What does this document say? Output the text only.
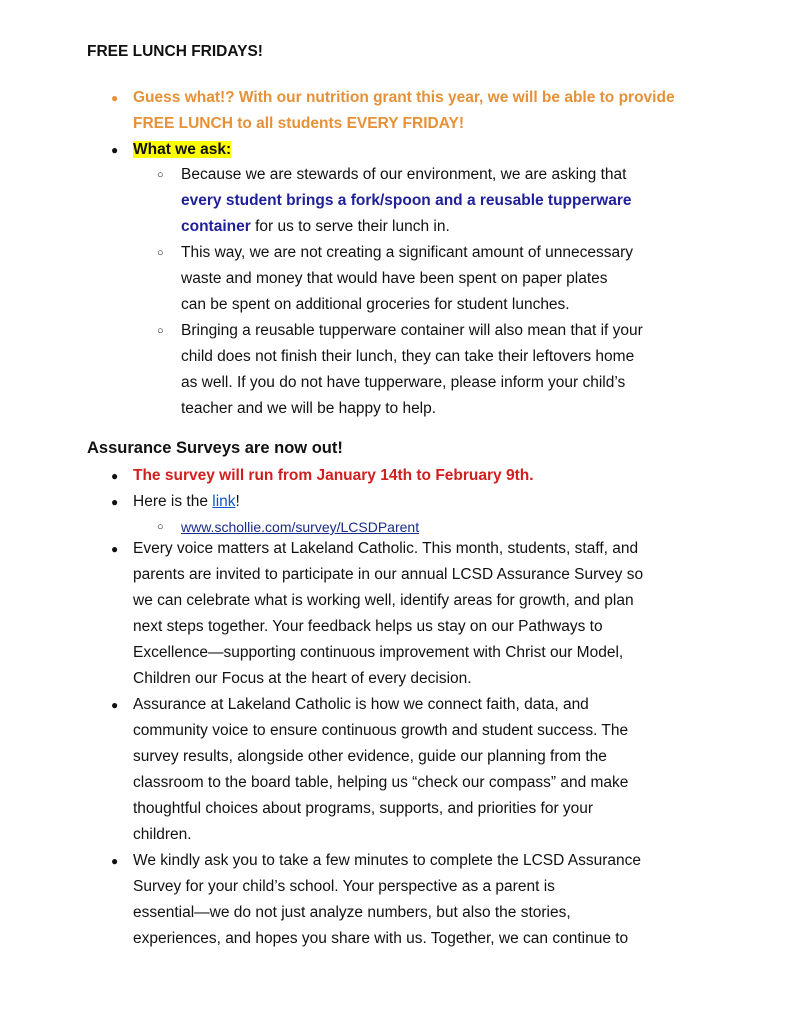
FREE LUNCH FRIDAYS!
● Guess what!? With our nutrition grant this year, we will be able to provide
FREE LUNCH to all students EVERY FRIDAY!
● What we ask:
○ Because we are stewards of our environment, we are asking that
every student brings a fork/spoon and a reusable tupperware
container for us to serve their lunch in.
○ This way, we are not creating a significant amount of unnecessary
waste and money that would have been spent on paper plates
can be spent on additional groceries for student lunches.
○ Bringing a reusable tupperware container will also mean that if your
child does not finish their lunch, they can take their leftovers home
as well. If you do not have tupperware, please inform your child’s
teacher and we will be happy to help.
Assurance Surveys are now out!
● The survey will run from January 14th to February 9th.
● Here is the link!
○ www.schollie.com/survey/LCSDParent
● Every voice matters at Lakeland Catholic. This month, students, staff, and
parents are invited to participate in our annual LCSD Assurance Survey so
we can celebrate what is working well, identify areas for growth, and plan
next steps together. Your feedback helps us stay on our Pathways to
Excellence—supporting continuous improvement with Christ our Model,
Children our Focus at the heart of every decision.
● Assurance at Lakeland Catholic is how we connect faith, data, and
community voice to ensure continuous growth and student success. The
survey results, alongside other evidence, guide our planning from the
classroom to the board table, helping us “check our compass” and make
thoughtful choices about programs, supports, and priorities for your
children.
● We kindly ask you to take a few minutes to complete the LCSD Assurance
Survey for your child’s school. Your perspective as a parent is
essential—we do not just analyze numbers, but also the stories,
experiences, and hopes you share with us. Together, we can continue to
